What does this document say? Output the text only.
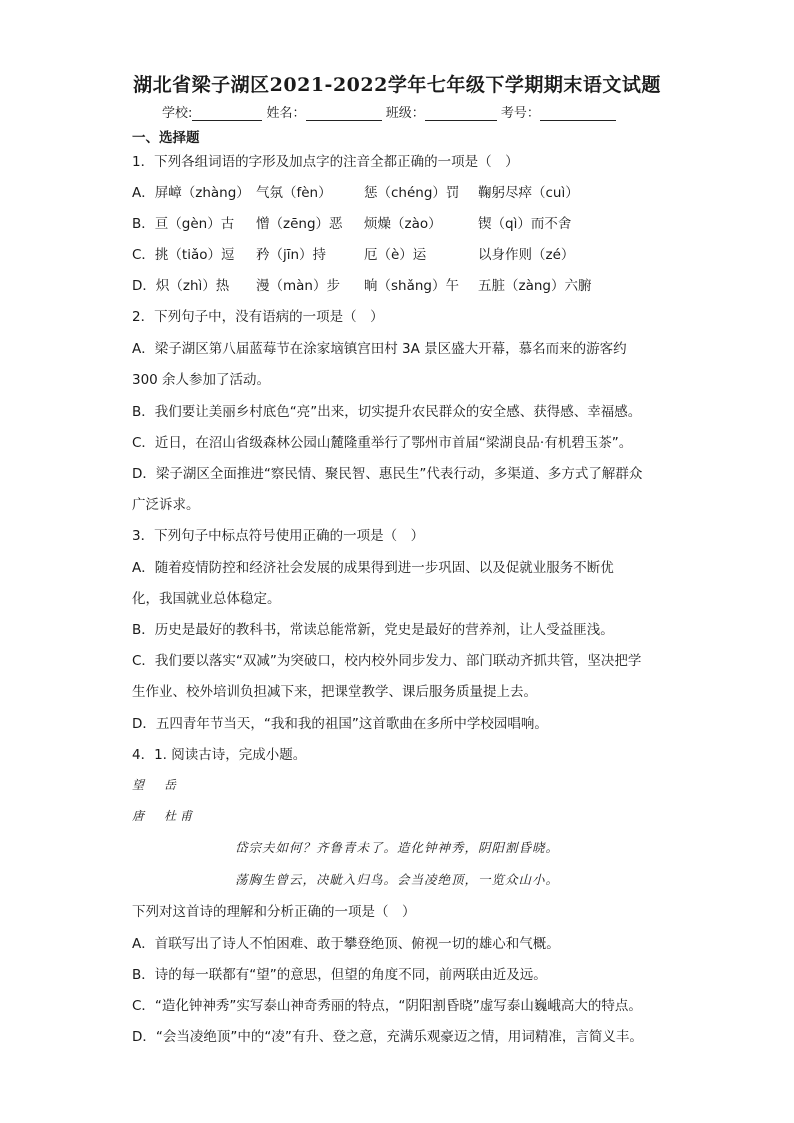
湖北省梁子湖区2021-2022学年七年级下学期期末语文试题
学校:	姓名：	班级：	考号：
一、选择题
1．下列各组词语的字形及加点字的注音全都正确的一项是（　）
A．屏嶂（zhàng） 气氛（fèn） 惩（chéng）罚 鞠躬尽瘁（cuì）
B．亘（gèn）古 憎（zēng）恶 烦燥（zào）	锲（qì）而不舍
C．挑（tiǎo）逗 矜（jīn）持	厄（è）运	以身作则（zé）
D．炽（zhì）热 漫（màn）步 晌（shǎng）午 五脏（zàng）六腑
2．下列句子中，没有语病的一项是（　）
A．梁子湖区第八届蓝莓节在涂家垴镇宫田村 3A 景区盛大开幕，慕名而来的游客约
300 余人参加了活动。
B．我们要让美丽乡村底色“亮”出来，切实提升农民群众的安全感、获得感、幸福感。
C．近日，在沼山省级森林公园山麓隆重举行了鄂州市首届“梁湖良品·有机碧玉茶”。
D．梁子湖区全面推进“察民情、聚民智、惠民生”代表行动，多渠道、多方式了解群众
广泛诉求。
3．下列句子中标点符号使用正确的一项是（　）
A．随着疫情防控和经济社会发展的成果得到进一步巩固、以及促就业服务不断优
化，我国就业总体稳定。
B．历史是最好的教科书，常读总能常新，党史是最好的营养剂，让人受益匪浅。
C．我们要以落实“双减”为突破口，校内校外同步发力、部门联动齐抓共管，坚决把学
生作业、校外培训负担减下来，把课堂教学、课后服务质量提上去。
D．五四青年节当天，“我和我的祖国”这首歌曲在多所中学校园唱响。
4．1. 阅读古诗，完成小题。
望　岳
唐　杜甫
岱宗夫如何？齐鲁青未了。造化钟神秀，阴阳割昏晓。
荡胸生曾云，决眦入归鸟。会当凌绝顶，一览众山小。
下列对这首诗的理解和分析正确的一项是（　）
A．首联写出了诗人不怕困难、敢于攀登绝顶、俯视一切的雄心和气概。
B．诗的每一联都有“望”的意思，但望的角度不同，前两联由近及远。
C．“造化钟神秀”实写泰山神奇秀丽的特点，“阴阳割昏晓”虚写泰山巍峨高大的特点。
D．“会当凌绝顶”中的“凌”有升、登之意，充满乐观豪迈之情，用词精准，言简义丰。
